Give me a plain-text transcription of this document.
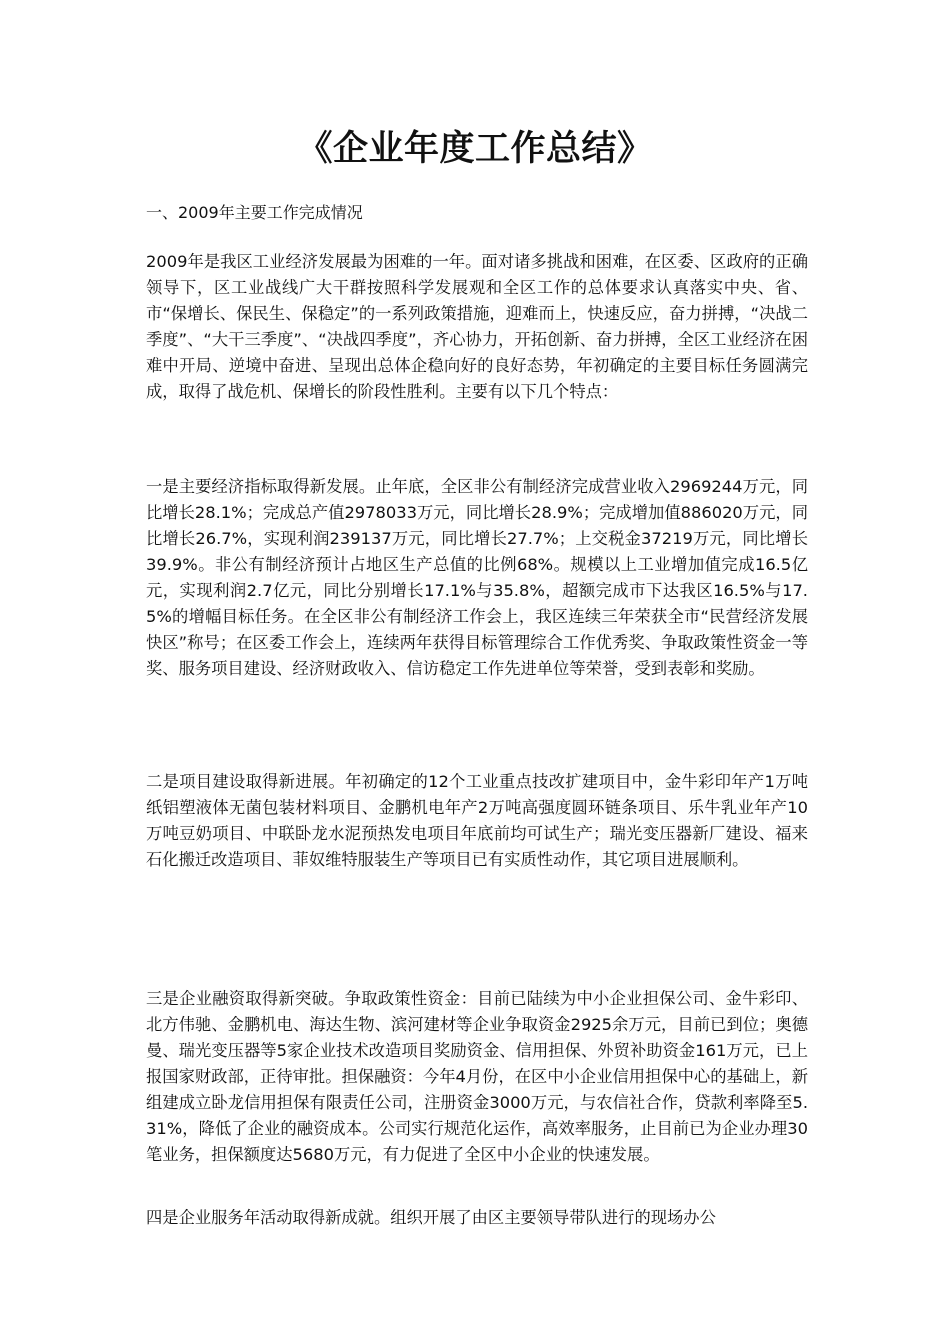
《企业年度工作总结》

一、2009年主要工作完成情况

2009年是我区工业经济发展最为困难的一年。面对诸多挑战和困难，在区委、区政府的正确领导下，区工业战线广大干群按照科学发展观和全区工作的总体要求认真落实中央、省、市“保增长、保民生、保稳定”的一系列政策措施，迎难而上，快速反应，奋力拼搏，“决战二季度”、“大干三季度”、“决战四季度”，齐心协力，开拓创新、奋力拼搏，全区工业经济在困难中开局、逆境中奋进、呈现出总体企稳向好的良好态势，年初确定的主要目标任务圆满完成，取得了战危机、保增长的阶段性胜利。主要有以下几个特点：

一是主要经济指标取得新发展。止年底，全区非公有制经济完成营业收入2969244万元，同比增长28.1%；完成总产值2978033万元，同比增长28.9%；完成增加值886020万元，同比增长26.7%，实现利润239137万元，同比增长27.7%；上交税金37219万元，同比增长39.9%。非公有制经济预计占地区生产总值的比例68%。规模以上工业增加值完成16.5亿元，实现利润2.7亿元，同比分别增长17.1%与35.8%，超额完成市下达我区16.5%与17.5%的增幅目标任务。在全区非公有制经济工作会上，我区连续三年荣获全市“民营经济发展快区”称号；在区委工作会上，连续两年获得目标管理综合工作优秀奖、争取政策性资金一等奖、服务项目建设、经济财政收入、信访稳定工作先进单位等荣誉，受到表彰和奖励。

二是项目建设取得新进展。年初确定的12个工业重点技改扩建项目中，金牛彩印年产1万吨纸铝塑液体无菌包装材料项目、金鹏机电年产2万吨高强度圆环链条项目、乐牛乳业年产10万吨豆奶项目、中联卧龙水泥预热发电项目年底前均可试生产；瑞光变压器新厂建设、福来石化搬迁改造项目、菲奴维特服装生产等项目已有实质性动作，其它项目进展顺利。

三是企业融资取得新突破。争取政策性资金：目前已陆续为中小企业担保公司、金牛彩印、北方伟驰、金鹏机电、海达生物、滨河建材等企业争取资金2925余万元，目前已到位；奥德曼、瑞光变压器等5家企业技术改造项目奖励资金、信用担保、外贸补助资金161万元，已上报国家财政部，正待审批。担保融资：今年4月份，在区中小企业信用担保中心的基础上，新组建成立卧龙信用担保有限责任公司，注册资金3000万元，与农信社合作，贷款利率降至5.31%，降低了企业的融资成本。公司实行规范化运作，高效率服务，止目前已为企业办理30笔业务，担保额度达5680万元，有力促进了全区中小企业的快速发展。

四是企业服务年活动取得新成就。组织开展了由区主要领导带队进行的现场办公
